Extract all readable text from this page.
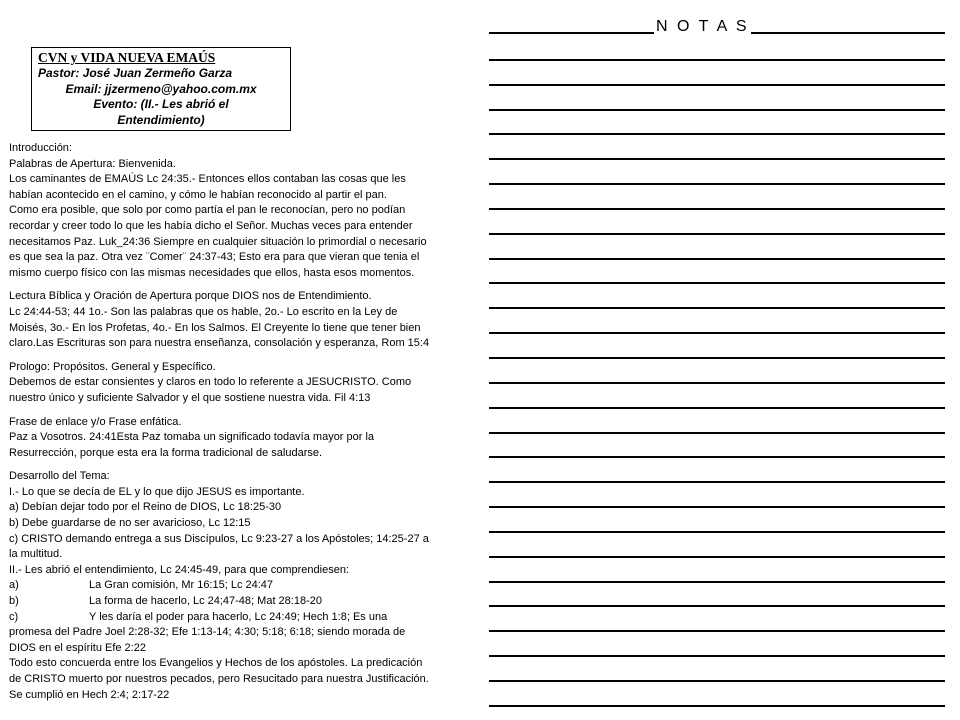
CVN y VIDA NUEVA EMAÚS
Pastor: José Juan Zermeño Garza
Email: jjzermeno@yahoo.com.mx
Evento: (II.- Les abrió el
Entendimiento)
Introducción:
Palabras de Apertura: Bienvenida.
Los caminantes de EMAÚS Lc 24:35.- Entonces ellos contaban las cosas que les
habían acontecido en el camino, y cómo le habían reconocido al partir el pan.
Como era posible, que solo por como partía el pan le reconocían, pero no podían
recordar y creer todo lo que les había dicho el Señor. Muchas veces para entender
necesitamos Paz. Luk_24:36 Siempre en cualquier situación lo primordial o necesario
es que sea la paz. Otra vez ¨Comer¨ 24:37-43; Esto era para que vieran que tenia el
mismo cuerpo físico con las mismas necesidades que ellos, hasta esos momentos.
Lectura Bíblica y Oración de Apertura porque DIOS nos de Entendimiento.
Lc 24:44-53; 44 1o.- Son las palabras que os hable, 2o.- Lo escrito en la Ley de
Moisés, 3o.- En los Profetas, 4o.- En los Salmos. El Creyente lo tiene que tener bien
claro.Las Escrituras son para nuestra enseñanza, consolación y esperanza, Rom 15:4
Prologo: Propósitos. General y Específico.
Debemos de estar consientes y claros en todo lo referente a JESUCRISTO. Como
nuestro único y suficiente Salvador y el que sostiene nuestra vida. Fil 4:13
Frase de enlace y/o Frase enfática.
Paz a Vosotros. 24:41Esta Paz tomaba un significado todavía mayor por la
Resurrección, porque esta era la forma tradicional de saludarse.
Desarrollo del Tema:
I.- Lo que se decía de EL y lo que dijo JESUS es importante.
a) Debían dejar todo por el Reino de DIOS, Lc 18:25-30
b) Debe guardarse de no ser avaricioso, Lc 12:15
c) CRISTO demando entrega a sus Discípulos, Lc 9:23-27 a los Apóstoles; 14:25-27 a
la multitud.
II.- Les abrió el entendimiento, Lc 24:45-49, para que comprendiesen:
a)	La Gran comisión, Mr 16:15; Lc 24:47
b)	La forma de hacerlo, Lc 24;47-48; Mat 28:18-20
c)	Y les daría el poder para hacerlo, Lc 24:49; Hech 1:8; Es una
promesa del Padre Joel 2:28-32; Efe 1:13-14; 4:30; 5:18; 6:18; siendo morada de
DIOS en el espíritu Efe 2:22
Todo esto concuerda entre los Evangelios y Hechos de los apóstoles. La predicación
de CRISTO muerto por nuestros pecados, pero Resucitado para nuestra Justificación.
Se cumplió en Hech 2:4; 2:17-22
N O T A S
